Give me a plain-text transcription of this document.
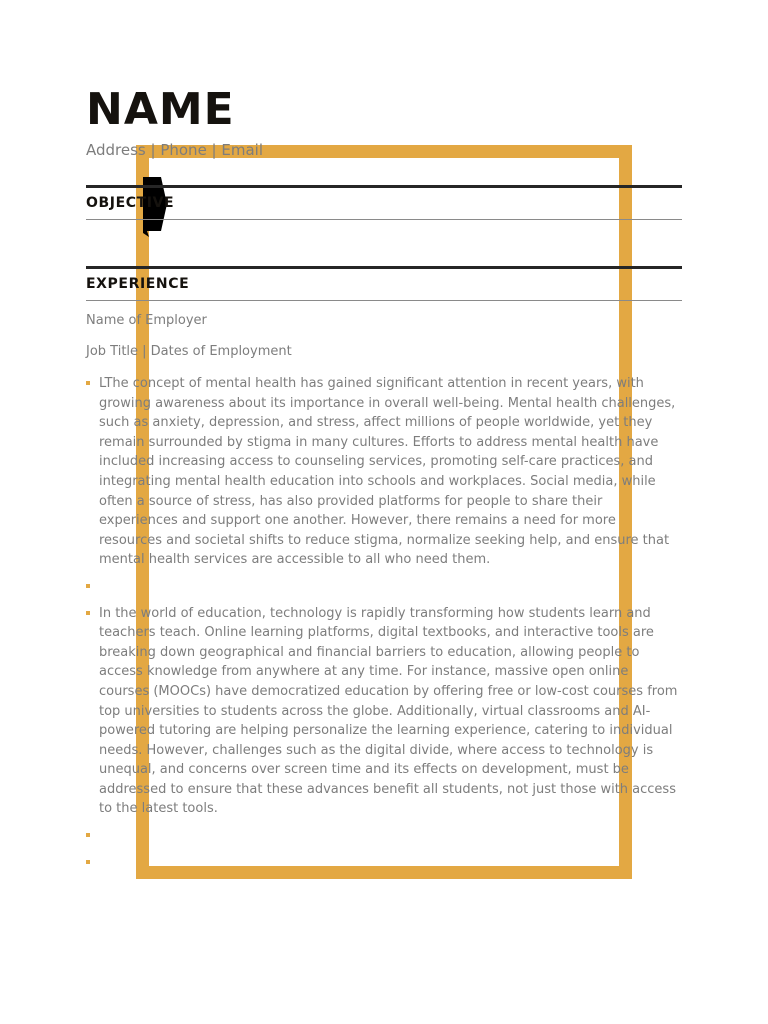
NAME
Address | Phone | Email
OBJECTIVE
EXPERIENCE
Name of Employer
Job Title | Dates of Employment
LThe concept of mental health has gained significant attention in recent years, with growing awareness about its importance in overall well-being. Mental health challenges, such as anxiety, depression, and stress, affect millions of people worldwide, yet they remain surrounded by stigma in many cultures. Efforts to address mental health have included increasing access to counseling services, promoting self-care practices, and integrating mental health education into schools and workplaces. Social media, while often a source of stress, has also provided platforms for people to share their experiences and support one another. However, there remains a need for more resources and societal shifts to reduce stigma, normalize seeking help, and ensure that mental health services are accessible to all who need them.
In the world of education, technology is rapidly transforming how students learn and teachers teach. Online learning platforms, digital textbooks, and interactive tools are breaking down geographical and financial barriers to education, allowing people to access knowledge from anywhere at any time. For instance, massive open online courses (MOOCs) have democratized education by offering free or low-cost courses from top universities to students across the globe. Additionally, virtual classrooms and AI-powered tutoring are helping personalize the learning experience, catering to individual needs. However, challenges such as the digital divide, where access to technology is unequal, and concerns over screen time and its effects on development, must be addressed to ensure that these advances benefit all students, not just those with access to the latest tools.
